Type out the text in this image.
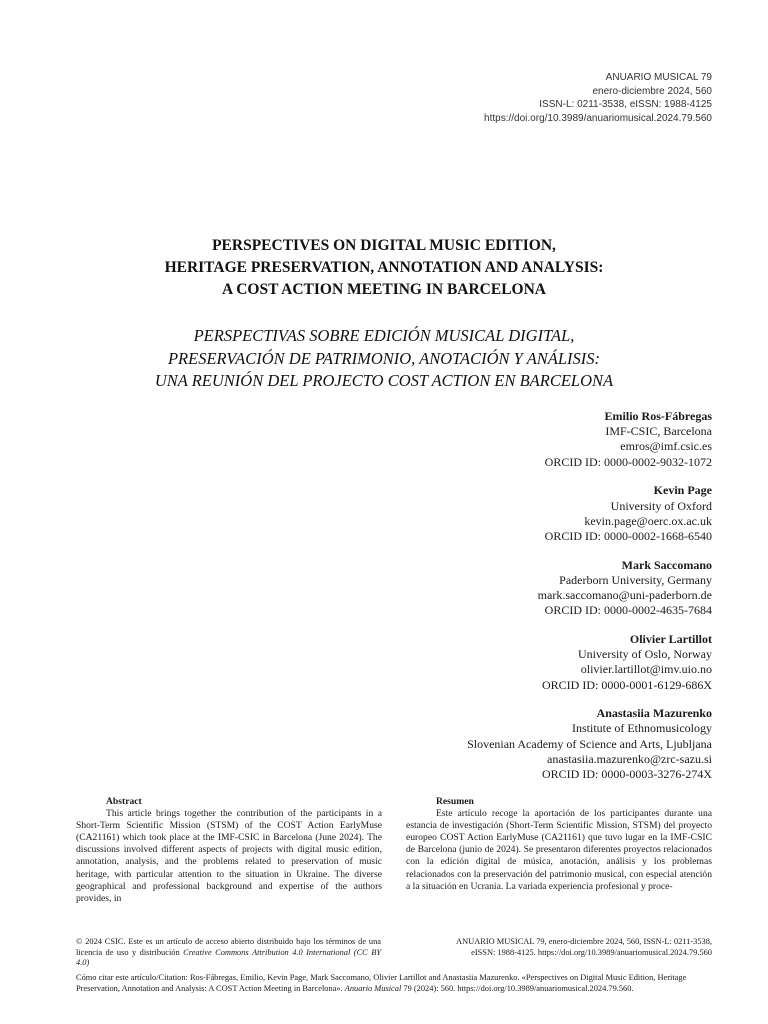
ANUARIO MUSICAL 79
enero-diciembre 2024, 560
ISSN-L: 0211-3538, eISSN: 1988-4125
https://doi.org/10.3989/anuariomusical.2024.79.560
PERSPECTIVES ON DIGITAL MUSIC EDITION,
HERITAGE PRESERVATION, ANNOTATION AND ANALYSIS:
A COST ACTION MEETING IN BARCELONA
PERSPECTIVAS SOBRE EDICIÓN MUSICAL DIGITAL,
PRESERVACIÓN DE PATRIMONIO, ANOTACIÓN Y ANÁLISIS:
UNA REUNIÓN DEL PROJECTO COST ACTION EN BARCELONA
Emilio Ros-Fábregas
IMF-CSIC, Barcelona
emros@imf.csic.es
ORCID ID: 0000-0002-9032-1072
Kevin Page
University of Oxford
kevin.page@oerc.ox.ac.uk
ORCID ID: 0000-0002-1668-6540
Mark Saccomano
Paderborn University, Germany
mark.saccomano@uni-paderborn.de
ORCID ID: 0000-0002-4635-7684
Olivier Lartillot
University of Oslo, Norway
olivier.lartillot@imv.uio.no
ORCID ID: 0000-0001-6129-686X
Anastasiia Mazurenko
Institute of Ethnomusicology
Slovenian Academy of Science and Arts, Ljubljana
anastasiia.mazurenko@zrc-sazu.si
ORCID ID: 0000-0003-3276-274X
Abstract
This article brings together the contribution of the participants in a Short-Term Scientific Mission (STSM) of the COST Action EarlyMuse (CA21161) which took place at the IMF-CSIC in Barcelona (June 2024). The discussions involved different aspects of projects with digital music edition, annotation, analysis, and the problems related to preservation of music heritage, with particular attention to the situation in Ukraine. The diverse geographical and professional background and expertise of the authors provides, in
Resumen
Este artículo recoge la aportación de los participantes durante una estancia de investigación (Short-Term Scientific Mission, STSM) del proyecto europeo COST Action EarlyMuse (CA21161) que tuvo lugar en la IMF-CSIC de Barcelona (junio de 2024). Se presentaron diferentes proyectos relacionados con la edición digital de música, anotación, análisis y los problemas relacionados con la preservación del patrimonio musical, con especial atención a la situación en Ucrania. La variada experiencia profesional y proce-
© 2024 CSIC. Este es un artículo de acceso abierto distribuido bajo los términos de una licencia de uso y distribución Creative Commons Attribution 4.0 International (CC BY 4.0)
ANUARIO MUSICAL 79, enero-diciembre 2024, 560, ISSN-L: 0211-3538,
eISSN: 1988-4125. https://doi.org/10.3989/anuariomusical.2024.79.560
Cómo citar este artículo/Citation: Ros-Fábregas, Emilio, Kevin Page, Mark Saccomano, Olivier Lartillot and Anastasiia Mazurenko. «Perspectives on Digital Music Edition, Heritage Preservation, Annotation and Analysis: A COST Action Meeting in Barcelona». Anuario Musical 79 (2024): 560. https://doi.org/10.3989/anuariomusical.2024.79.560.
